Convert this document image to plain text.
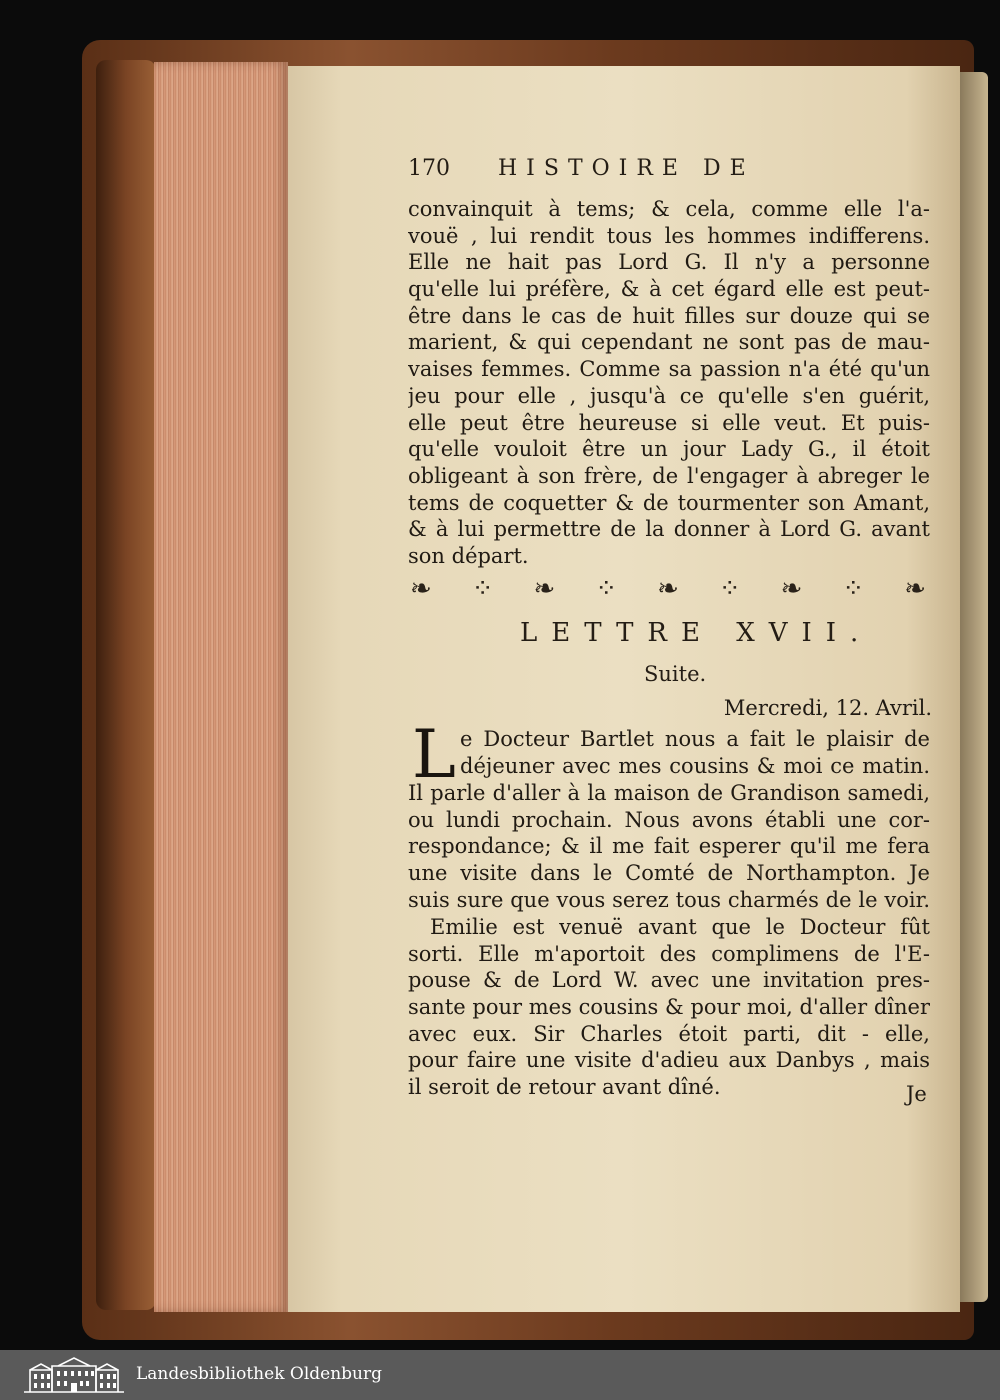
170 HISTOIRE DE
convainquit à tems; & cela, comme elle l'a-
vouë , lui rendit tous les hommes indifferens.
Elle ne hait pas Lord G. Il n'y a personne
qu'elle lui préfère, & à cet égard elle est peut-
être dans le cas de huit filles sur douze qui se
marient, & qui cependant ne sont pas de mau-
vaises femmes. Comme sa passion n'a été qu'un
jeu pour elle , jusqu'à ce qu'elle s'en guérit,
elle peut être heureuse si elle veut. Et puis-
qu'elle vouloit être un jour Lady G., il étoit
obligeant à son frère, de l'engager à abreger le
tems de coquetter & de tourmenter son Amant,
& à lui permettre de la donner à Lord G. avant
son départ.
❧ ⁘ ❧ ⁘ ❧ ⁘ ❧ ⁘ ❧
LETTRE XVII.
Suite.
Mercredi, 12. Avril.
L e Docteur Bartlet nous a fait le plaisir de
déjeuner avec mes cousins & moi ce matin.
Il parle d'aller à la maison de Grandison samedi,
ou lundi prochain. Nous avons établi une cor-
respondance; & il me fait esperer qu'il me fera
une visite dans le Comté de Northampton. Je
suis sure que vous serez tous charmés de le voir.
Emilie est venuë avant que le Docteur fût
sorti. Elle m'aportoit des complimens de l'E-
pouse & de Lord W. avec une invitation pres-
sante pour mes cousins & pour moi, d'aller dîner
avec eux. Sir Charles étoit parti, dit - elle,
pour faire une visite d'adieu aux Danbys , mais
il seroit de retour avant dîné.	Je
Landesbibliothek Oldenburg
